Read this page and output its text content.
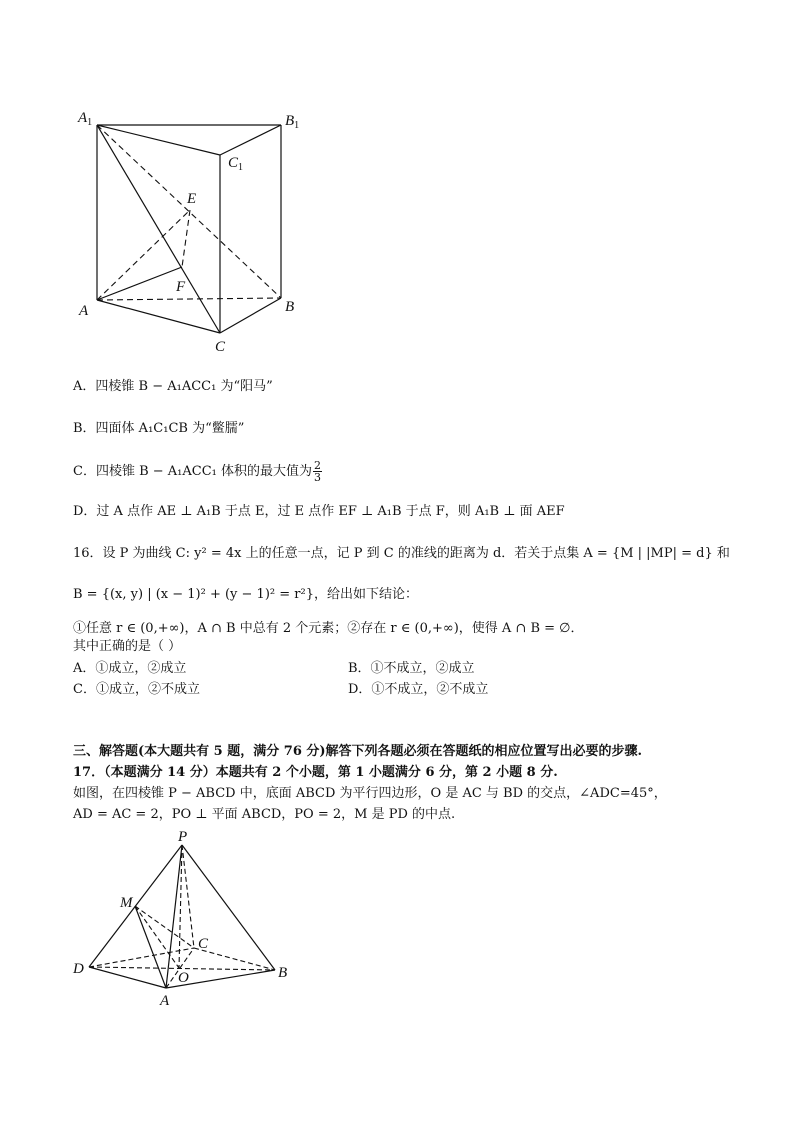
$A_1$	$B_1$
$C_1$
E
F
A	B
C
A．四棱锥 B − A₁ACC₁ 为“阳马”
B．四面体 A₁C₁CB 为“鳖臑”
C．四棱锥 B − A₁ACC₁ 体积的最大值为 $\frac{2}{3}$
D．过 A 点作 AE ⊥ A₁B 于点 E，过 E 点作 EF ⊥ A₁B 于点 F，则 A₁B ⊥ 面 AEF
16．设 P 为曲线 C: y² = 4x 上的任意一点，记 P 到 C 的准线的距离为 d．若关于点集 A = {M | |MP| = d} 和
B = {(x, y) | (x − 1)² + (y − 1)² = r²}，给出如下结论：
①任意 r ∈ (0,+∞)，A ∩ B 中总有 2 个元素；②存在 r ∈ (0,+∞)，使得 A ∩ B = ∅．
其中正确的是（ ）
A．①成立，②成立	B．①不成立，②成立
C．①成立，②不成立	D．①不成立，②不成立
三、解答题(本大题共有 5 题，满分 76 分)解答下列各题必须在答题纸的相应位置写出必要的步骤.
17．（本题满分 14 分）本题共有 2 个小题，第 1 小题满分 6 分，第 2 小题 8 分.
如图，在四棱锥 P − ABCD 中，底面 ABCD 为平行四边形，O 是 AC 与 BD 的交点，∠ADC=45°，
AD = AC = 2，PO ⊥ 平面 ABCD，PO = 2，M 是 PD 的中点.
P
M
C
D
O
A
B
